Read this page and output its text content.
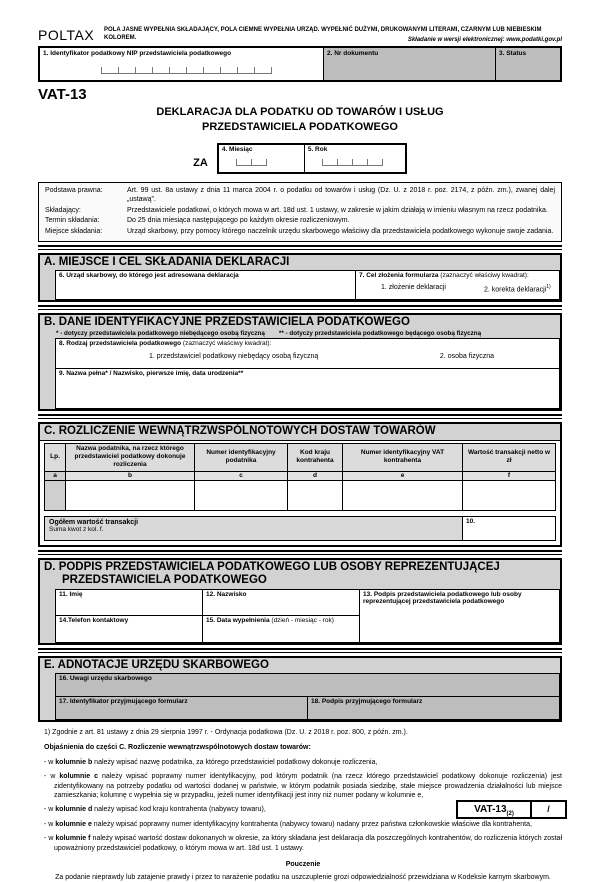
POLTAX	POLA JASNE WYPEŁNIA SKŁADAJĄCY, POLA CIEMNE WYPEŁNIA URZĄD. WYPEŁNIĆ DUŻYMI, DRUKOWANYMI LITERAMI, CZARNYM LUB NIEBIESKIM KOLOREM.	Składanie w wersji elektronicznej: www.podatki.gov.pl
1. Identyfikator podatkowy NIP przedstawiciela podatkowego	2. Nr dokumentu	3. Status
VAT-13
DEKLARACJA DLA PODATKU OD TOWARÓW I USŁUG
PRZEDSTAWICIELA PODATKOWEGO
ZA
4. Miesiąc	5. Rok
Podstawa prawna:	Art. 99 ust. 8a ustawy z dnia 11 marca 2004 r. o podatku od towarów i usług (Dz. U. z 2018 r. poz. 2174, z późn. zm.), zwanej dalej „ustawą”.
Składający:	Przedstawiciele podatkowi, o których mowa w art. 18d ust. 1 ustawy, w zakresie w jakim działają w imieniu własnym na rzecz podatnika.
Termin składania:	Do 25 dnia miesiąca następującego po każdym okresie rozliczeniowym.
Miejsce składania:	Urząd skarbowy, przy pomocy którego naczelnik urzędu skarbowego właściwy dla przedstawiciela podatkowego wykonuje swoje zadania.
A. MIEJSCE I CEL SKŁADANIA DEKLARACJI
6. Urząd skarbowy, do którego jest adresowana deklaracja	7. Cel złożenia formularza (zaznaczyć właściwy kwadrat):
1. złożenie deklaracji	2. korekta deklaracji$^{1)}$
B. DANE IDENTYFIKACYJNE PRZEDSTAWICIELA PODATKOWEGO
* - dotyczy przedstawiciela podatkowego niebędącego osobą fizyczną ** - dotyczy przedstawiciela podatkowego będącego osobą fizyczną
8. Rodzaj przedstawiciela podatkowego (zaznaczyć właściwy kwadrat):
1. przedstawiciel podatkowy niebędący osobą fizyczną	2. osoba fizyczna

9. Nazwa pełna* / Nazwisko, pierwsze imię, data urodzenia**
C. ROZLICZENIE WEWNĄTRZWSPÓLNOTOWYCH DOSTAW TOWARÓW
Lp.	Nazwa podatnika, na rzecz którego przedstawiciel podatkowy dokonuje rozliczenia	Numer identyfikacyjny podatnika	Kod kraju kontrahenta	Numer identyfikacyjny VAT kontrahenta	Wartość transakcji netto w zł
a	b	c	d	e	f

Ogółem wartość transakcji
Suma kwot z kol. f.
	10.
D. PODPIS PRZEDSTAWICIELA PODATKOWEGO LUB OSOBY REPREZENTUJĄCEJ
PRZEDSTAWICIELA PODATKOWEGO
11. Imię	12. Nazwisko	13. Podpis przedstawiciela podatkowego lub osoby reprezentującej przedstawiciela podatkowego

14.Telefon kontaktowy	15. Data wypełnienia (dzień - miesiąc - rok)	
E. ADNOTACJE URZĘDU SKARBOWEGO
16. Uwagi urzędu skarbowego

17. Identyfikator przyjmującego formularz	18. Podpis przyjmującego formularz
1) Zgodnie z art. 81 ustawy z dnia 29 sierpnia 1997 r. - Ordynacja podatkowa (Dz. U. z 2018 r. poz. 800, z późn. zm.).
Objaśnienia do części C. Rozliczenie wewnątrzwspólnotowych dostaw towarów:
- w kolumnie b należy wpisać nazwę podatnika, za którego przedstawiciel podatkowy dokonuje rozliczenia,
- w kolumnie c należy wpisać poprawny numer identyfikacyjny, pod którym podatnik (na rzecz którego przedstawiciel podatkowy dokonuje rozliczenia) jest zidentyfikowany na potrzeby podatku od wartości dodanej w państwie, w którym podatnik posiada siedzibę, stałe miejsce prowadzenia działalności lub miejsce zamieszkania; kolumnę c wypełnia się w przypadku, jeżeli numer identyfikacji jest inny niż numer podany w kolumnie e,
- w kolumnie d należy wpisać kod kraju kontrahenta (nabywcy towaru),
- w kolumnie e należy wpisać poprawny numer identyfikacyjny kontrahenta (nabywcy towaru) nadany przez państwa członkowskie właściwe dla kontrahenta,
- w kolumnie f należy wpisać wartość dostaw dokonanych w okresie, za który składana jest deklaracja dla poszczególnych kontrahentów, do rozliczenia których został upoważniony przedstawiciel podatkowy, o którym mowa w art. 18d ust. 1 ustawy.
Pouczenie
Za podanie nieprawdy lub zatajenie prawdy i przez to narażenie podatku na uszczuplenie grozi odpowiedzialność przewidziana w Kodeksie karnym skarbowym.
VAT-$13_{(2)}$	/
